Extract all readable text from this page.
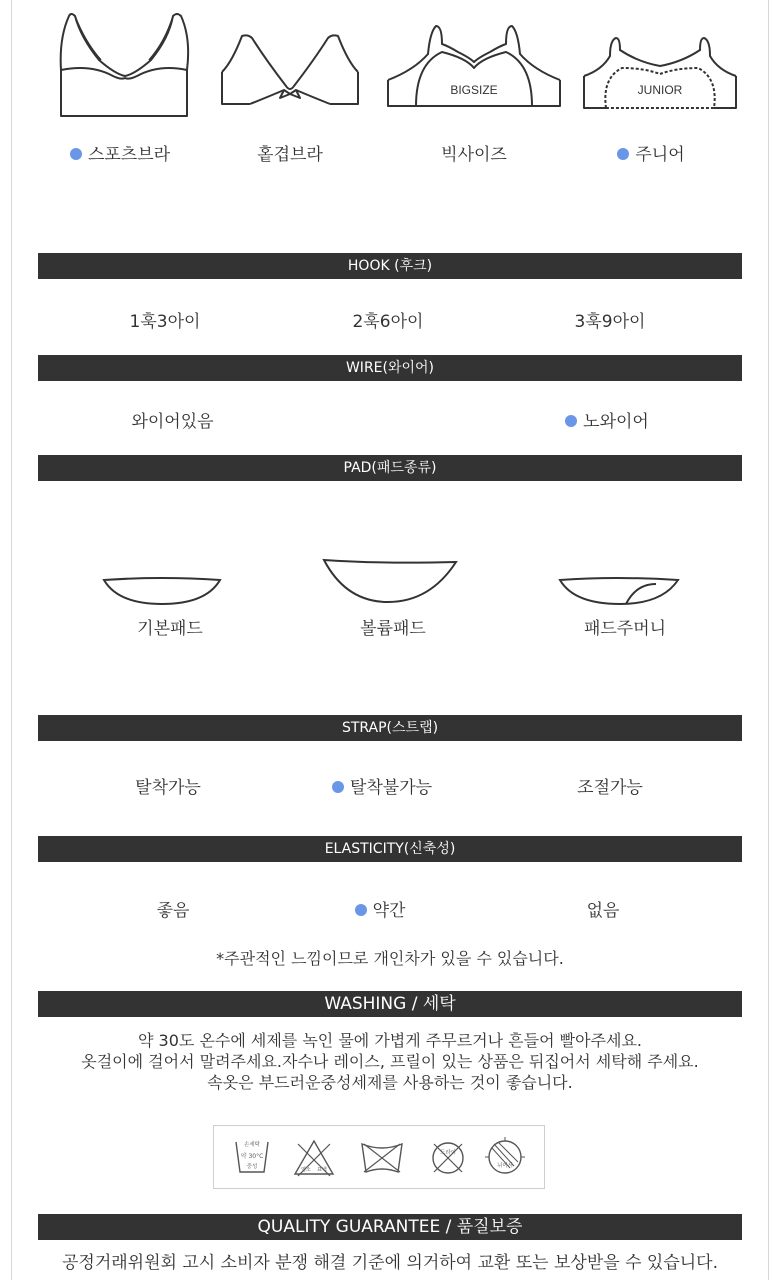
BIGSIZE	JUNIOR
스포츠브라	홑겹브라	빅사이즈	주니어
HOOK (후크)
1훅3아이	2훅6아이	3훅9아이
WIRE(와이어)
와이어있음	노와이어
PAD(패드종류)
기본패드	볼륨패드	패드주머니
STRAP(스트랩)
탈착가능	탈착불가능	조절가능
ELASTICITY(신축성)
좋음	약간	없음
*주관적인 느낌이므로 개인차가 있을 수 있습니다.
WASHING / 세탁
약 30도 온수에 세제를 녹인 물에 가볍게 주무르거나 흔들어 빨아주세요.
옷걸이에 걸어서 말려주세요.자수나 레이스, 프릴이 있는 상품은 뒤집어서 세탁해 주세요.
속옷은 부드러운중성세제를 사용하는 것이 좋습니다.
손세탁
약 30°C
중성	염소 표백
드라이
뉘어서
QUALITY GUARANTEE / 품질보증
공정거래위원회 고시 소비자 분쟁 해결 기준에 의거하여 교환 또는 보상받을 수 있습니다.
